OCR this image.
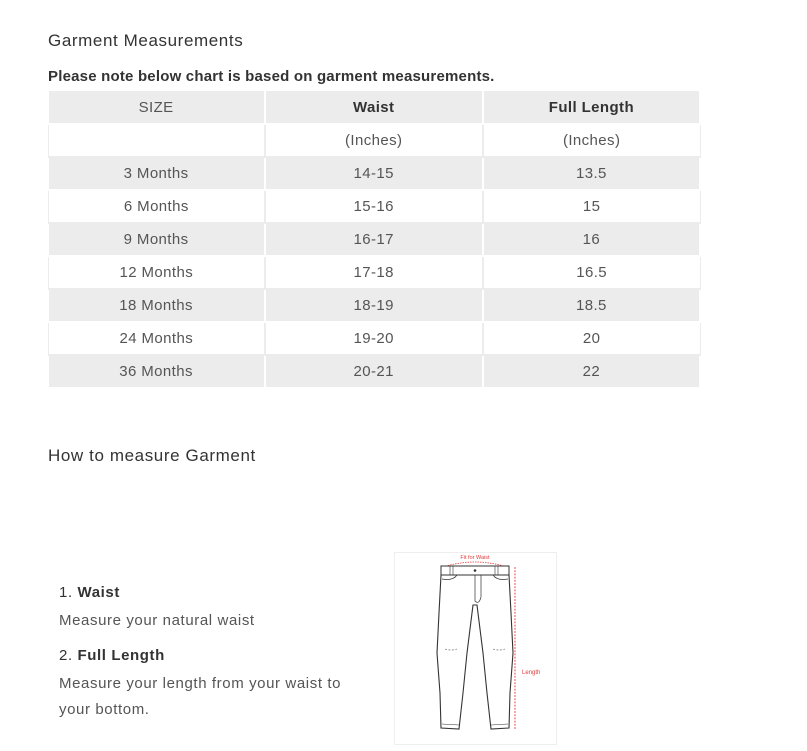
Garment Measurements
Please note below chart is based on garment measurements.
SIZE	Waist	Full Length
	(Inches)	(Inches)
3 Months	14-15	13.5
6 Months	15-16	15
9 Months	16-17	16
12 Months	17-18	16.5
18 Months	18-19	18.5
24 Months	19-20	20
36 Months	20-21	22
How to measure Garment

1. Waist

Measure your natural waist

2. Full Length

Measure your length from your waist to your bottom.

Fit for Waist
Length
